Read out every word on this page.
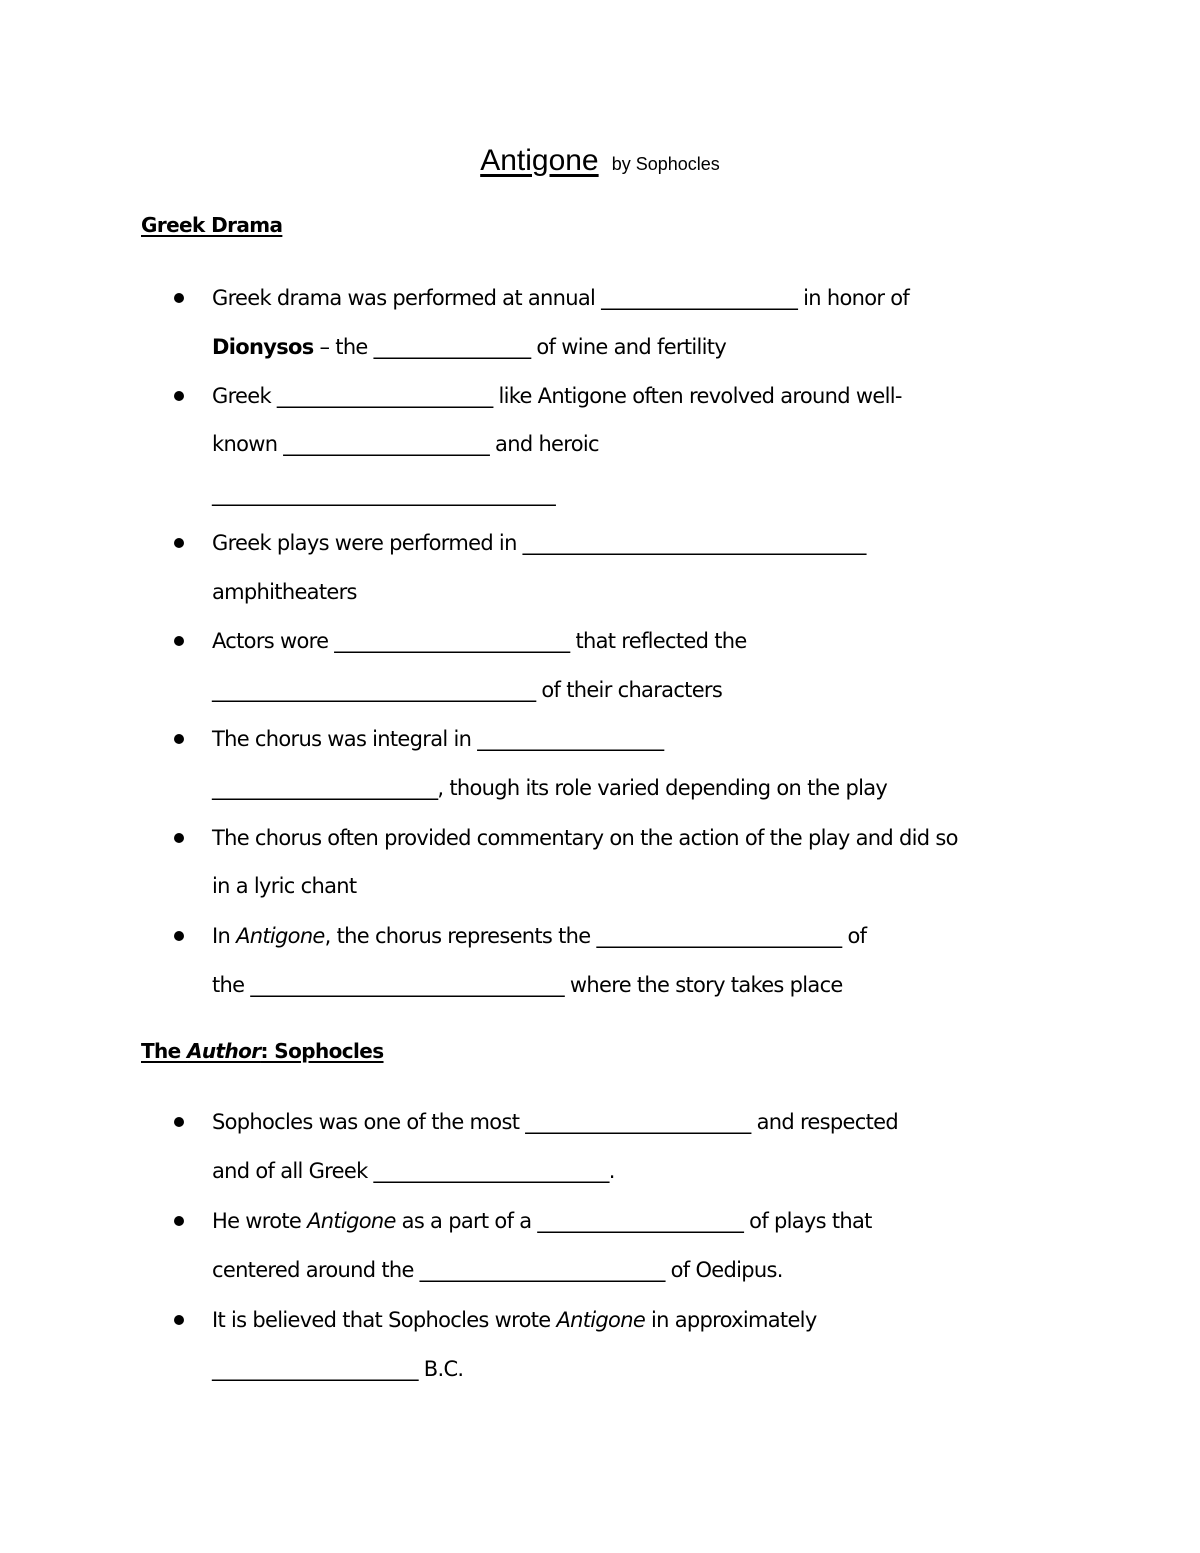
Antigone by Sophocles
Greek Drama
Greek drama was performed at annual ____________________ in honor of
Dionysos – the ________________ of wine and fertility
Greek ______________________ like Antigone often revolved around well-
known _____________________ and heroic
___________________________________
Greek plays were performed in ___________________________________
amphitheaters
Actors wore ________________________ that reflected the
_________________________________ of their characters
The chorus was integral in ___________________
_______________________, though its role varied depending on the play
The chorus often provided commentary on the action of the play and did so
in a lyric chant
In Antigone, the chorus represents the _________________________ of
the ________________________________ where the story takes place
The Author: Sophocles
Sophocles was one of the most _______________________ and respected
and of all Greek ________________________.
He wrote Antigone as a part of a _____________________ of plays that
centered around the _________________________ of Oedipus.
It is believed that Sophocles wrote Antigone in approximately
_____________________ B.C.
